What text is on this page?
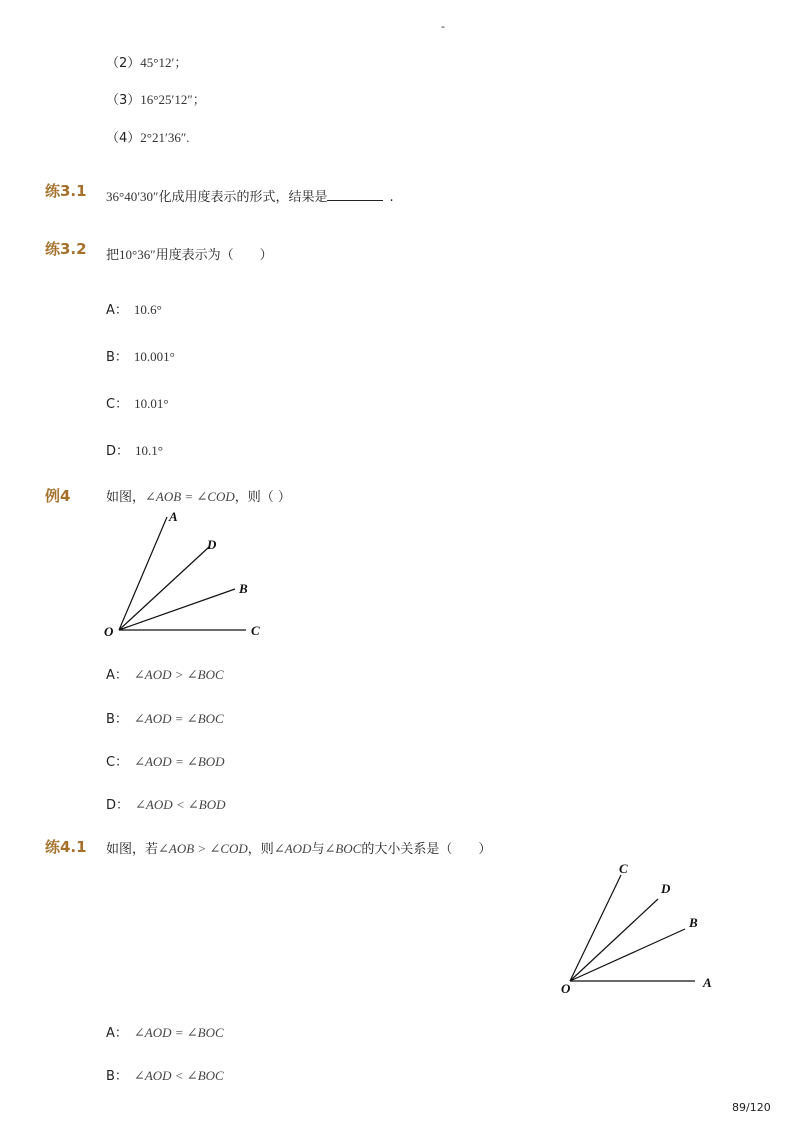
-
（2）45°12′；
（3）16°25′12″；
（4）2°21′36″.
练3.1 36°40′30″化成用度表示的形式，结果是	.
练3.2 把10°36″用度表示为（　　）
A： 10.6°
B： 10.001°
C： 10.01°
D： 10.1°
例4	如图，∠AOB = ∠COD，则（ ）
A
D
B
O	C
A： ∠AOD > ∠BOC
B： ∠AOD = ∠BOC
C： ∠AOD = ∠BOD
D： ∠AOD < ∠BOD
练4.1 如图，若∠AOB > ∠COD，则∠AOD与∠BOC的大小关系是（　　）
C
D
B
O	A
A： ∠AOD = ∠BOC
B： ∠AOD < ∠BOC
89/120
